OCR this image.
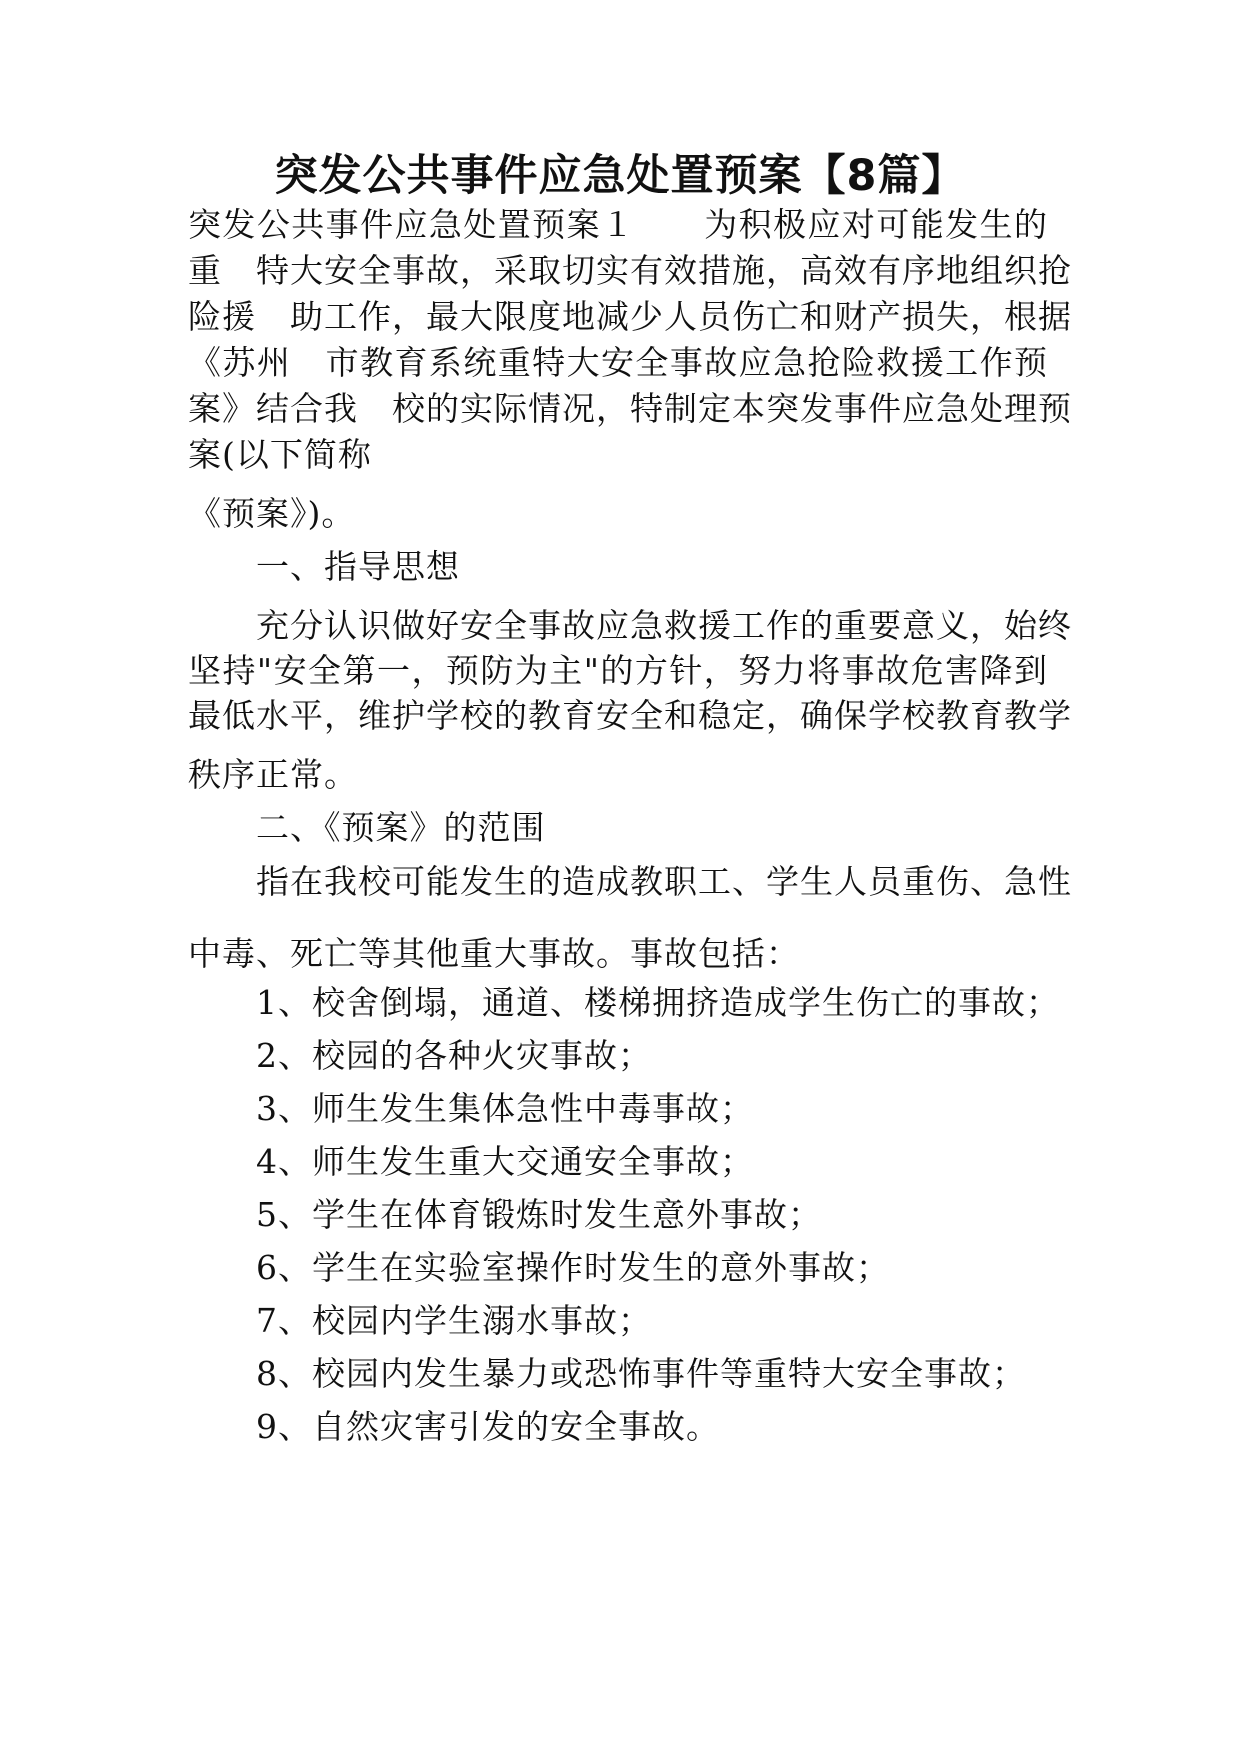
突发公共事件应急处置预案【8篇】
突发公共事件应急处置预案１　　为积极应对可能发生的
重　特大安全事故，采取切实有效措施，高效有序地组织抢
险援　助工作，最大限度地减少人员伤亡和财产损失，根据
《苏州　市教育系统重特大安全事故应急抢险救援工作预
案》结合我　校的实际情况，特制定本突发事件应急处理预
案(以下简称
《预案》)。
一、指导思想
充分认识做好安全事故应急救援工作的重要意义，始终
坚持"安全第一，预防为主"的方针，努力将事故危害降到
最低水平，维护学校的教育安全和稳定，确保学校教育教学
秩序正常。
二、《预案》的范围
指在我校可能发生的造成教职工、学生人员重伤、急性
中毒、死亡等其他重大事故。事故包括：
1、校舍倒塌，通道、楼梯拥挤造成学生伤亡的事故；
2、校园的各种火灾事故；
3、师生发生集体急性中毒事故；
4、师生发生重大交通安全事故；
5、学生在体育锻炼时发生意外事故；
6、学生在实验室操作时发生的意外事故；
7、校园内学生溺水事故；
8、校园内发生暴力或恐怖事件等重特大安全事故；
9、自然灾害引发的安全事故。
